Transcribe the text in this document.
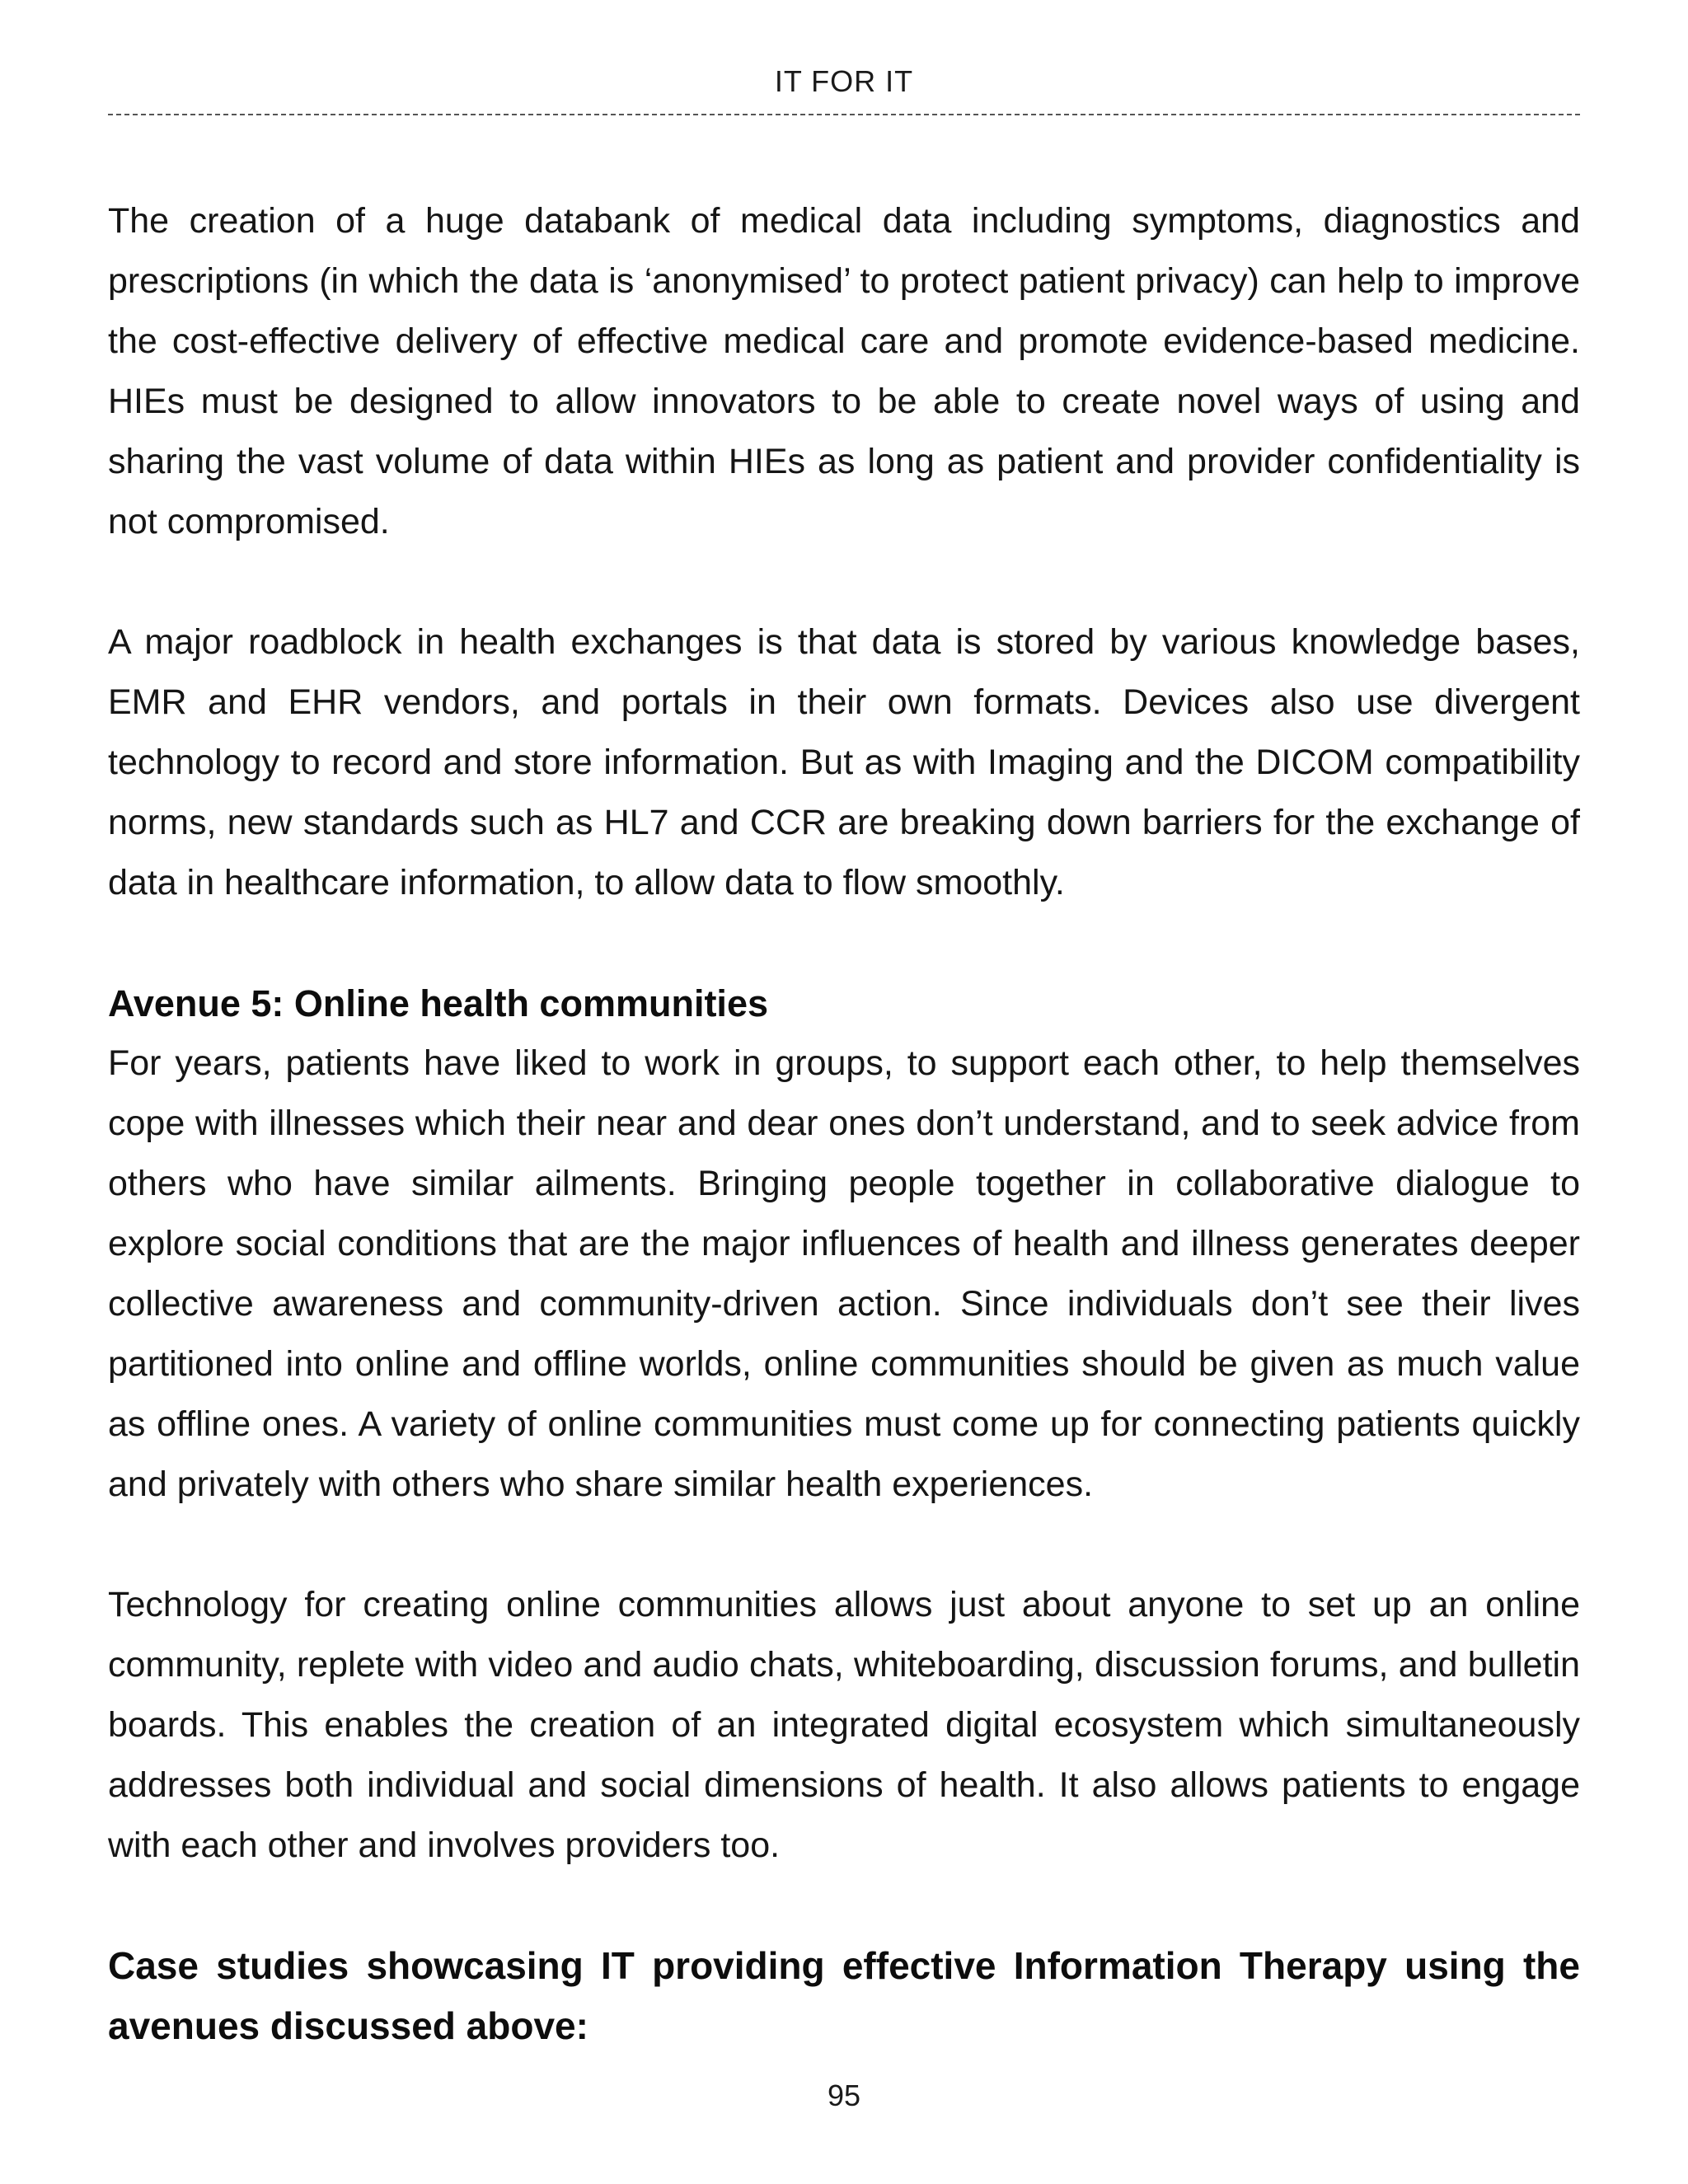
IT FOR IT

The creation of a huge databank of medical data including symptoms, diagnostics and prescriptions (in which the data is ‘anonymised’ to protect patient privacy) can help to improve the cost-effective delivery of effective medical care and promote evidence-based medicine. HIEs must be designed to allow innovators to be able to create novel ways of using and sharing the vast volume of data within HIEs as long as patient and provider confidentiality is not compromised.

A major roadblock in health exchanges is that data is stored by various knowledge bases, EMR and EHR vendors, and portals in their own formats. Devices also use divergent technology to record and store information. But as with Imaging and the DICOM compatibility norms, new standards such as HL7 and CCR are breaking down barriers for the exchange of data in healthcare information, to allow data to flow smoothly.

Avenue 5: Online health communities

For years, patients have liked to work in groups, to support each other, to help themselves cope with illnesses which their near and dear ones don’t understand, and to seek advice from others who have similar ailments. Bringing people together in collaborative dialogue to explore social conditions that are the major influences of health and illness generates deeper collective awareness and community-driven action. Since individuals don’t see their lives partitioned into online and offline worlds, online communities should be given as much value as offline ones. A variety of online communities must come up for connecting patients quickly and privately with others who share similar health experiences.

Technology for creating online communities allows just about anyone to set up an online community, replete with video and audio chats, whiteboarding, discussion forums, and bulletin boards. This enables the creation of an integrated digital ecosystem which simultaneously addresses both individual and social dimensions of health. It also allows patients to engage with each other and involves providers too.

Case studies showcasing IT providing effective Information Therapy using the avenues discussed above:
95
